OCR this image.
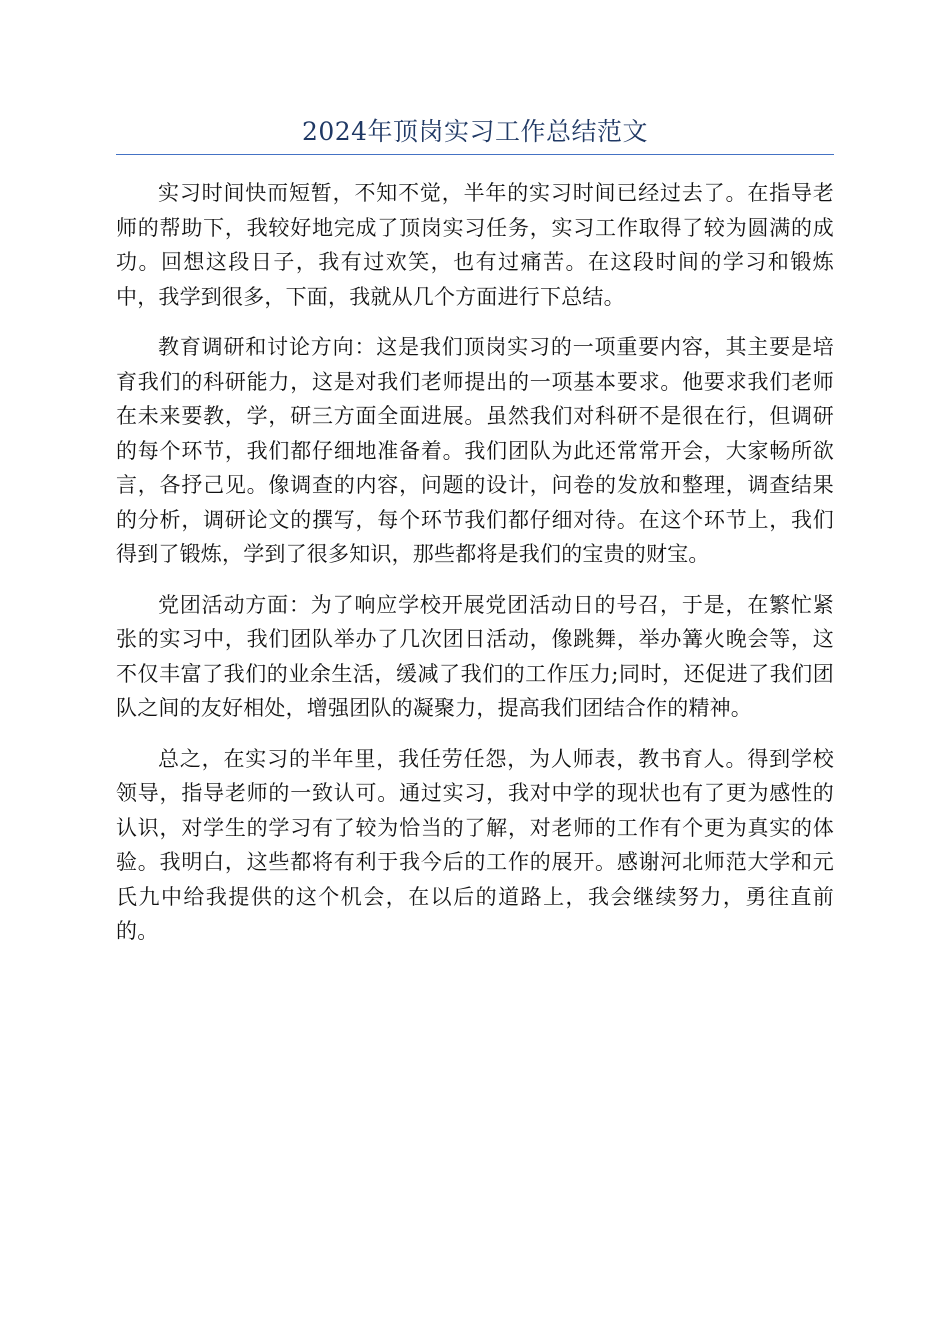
2024年顶岗实习工作总结范文

实习时间快而短暂，不知不觉，半年的实习时间已经过去了。在指导老师的帮助下，我较好地完成了顶岗实习任务，实习工作取得了较为圆满的成功。回想这段日子，我有过欢笑，也有过痛苦。在这段时间的学习和锻炼中，我学到很多，下面，我就从几个方面进行下总结。

教育调研和讨论方向：这是我们顶岗实习的一项重要内容，其主要是培育我们的科研能力，这是对我们老师提出的一项基本要求。他要求我们老师在未来要教，学，研三方面全面进展。虽然我们对科研不是很在行，但调研的每个环节，我们都仔细地准备着。我们团队为此还常常开会，大家畅所欲言，各抒己见。像调查的内容，问题的设计，问卷的发放和整理，调查结果的分析，调研论文的撰写，每个环节我们都仔细对待。在这个环节上，我们得到了锻炼，学到了很多知识，那些都将是我们的宝贵的财宝。

党团活动方面：为了响应学校开展党团活动日的号召，于是，在繁忙紧张的实习中，我们团队举办了几次团日活动，像跳舞，举办篝火晚会等，这不仅丰富了我们的业余生活，缓减了我们的工作压力;同时，还促进了我们团队之间的友好相处，增强团队的凝聚力，提高我们团结合作的精神。

总之，在实习的半年里，我任劳任怨，为人师表，教书育人。得到学校领导，指导老师的一致认可。通过实习，我对中学的现状也有了更为感性的认识，对学生的学习有了较为恰当的了解，对老师的工作有个更为真实的体验。我明白，这些都将有利于我今后的工作的展开。感谢河北师范大学和元氏九中给我提供的这个机会，在以后的道路上，我会继续努力，勇往直前的。
